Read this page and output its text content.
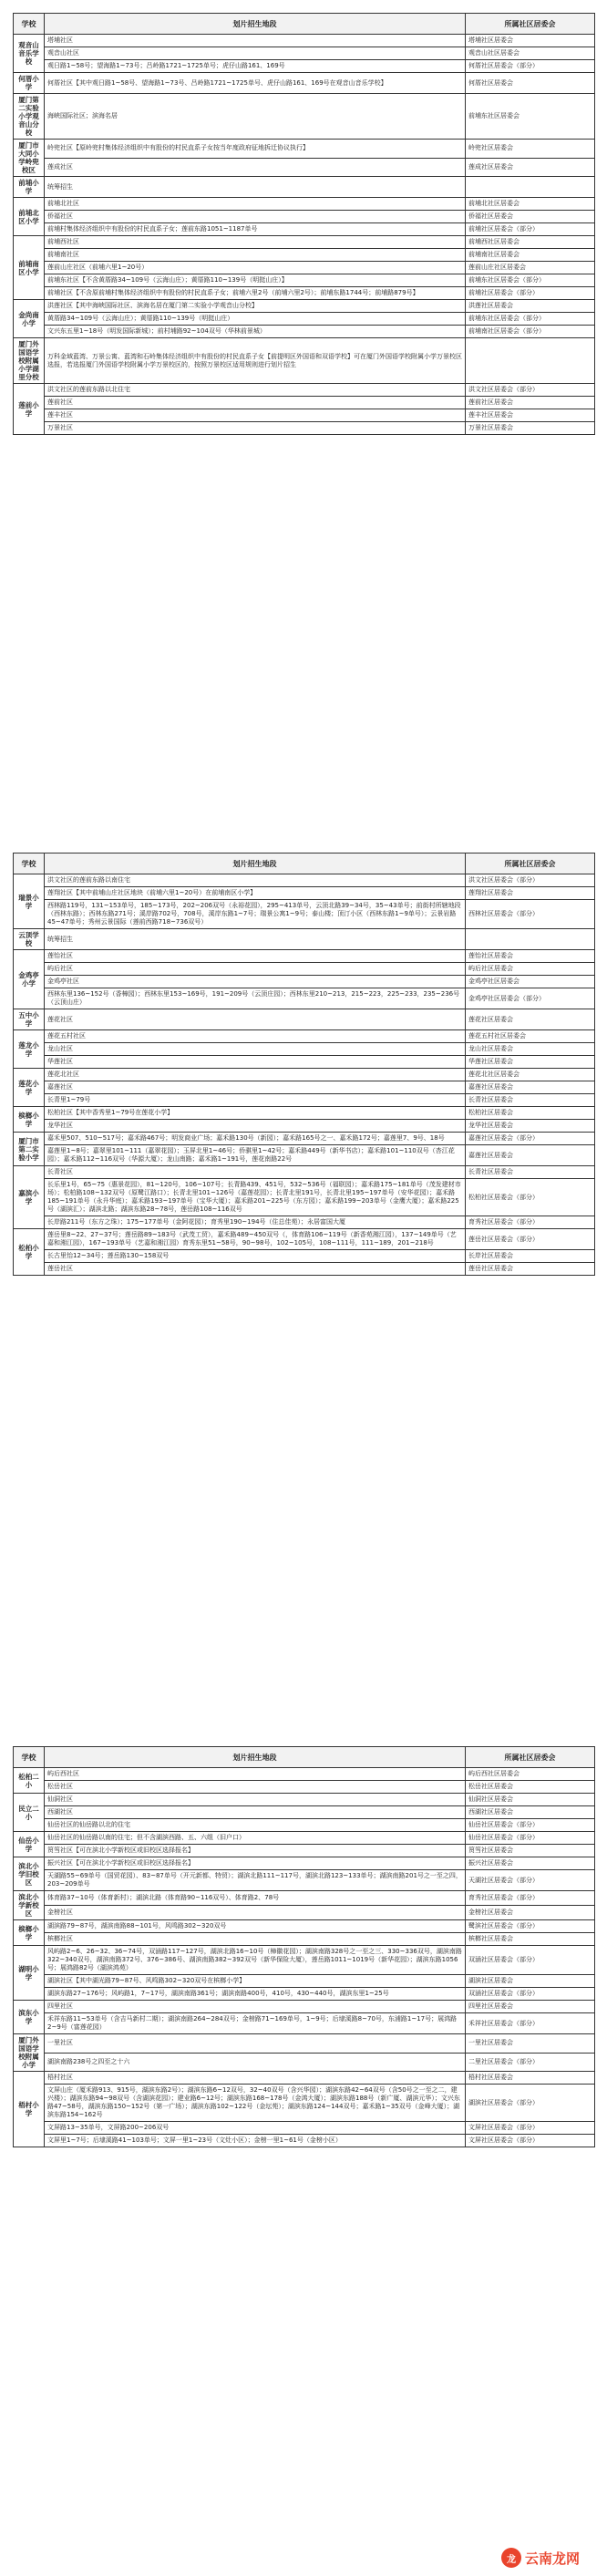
学校	划片招生地段	所属社区居委会
观音山音乐学校	塔埔社区	塔埔社区居委会
	观音山社区	观音山社区居委会
	观日路1~58号；望海路1~73号；吕岭路1721~1725单号；虎仔山路161、169号	何厝社区居委会（部分）
何厝小学	何厝社区【其中观日路1~58号、望海路1~73号、吕岭路1721~1725单号、虎仔山路161、169号在观音山音乐学校】	何厝社区居委会
厦门第二实验小学观音山分校	海峡国际社区；滨海名居	前埔东社区居委会
厦门市大同小学岭兜校区	岭兜社区【原岭兜村集体经济组织中有股份的村民直系子女按当年度政府征地拆迁协议执行】	岭兜社区居委会
	莲成社区	莲成社区居委会
前埔小学	统筹招生	
前埔北区小学	前埔北社区	前埔北社区居委会
	侨福社区	侨福社区居委会
	前埔村集体经济组织中有股份的村民直系子女；莲前东路1051~1187单号	前埔社区居委会（部分）
前埔南区小学	前埔西社区	前埔西社区居委会
	前埔南社区	前埔南社区居委会
	莲前山庄社区（前埔六里1~20号）	莲前山庄社区居委会
	前埔东社区【不含黄厝路34~109号（云海山庄）；黄厝路110~139号（明挺山庄）】	前埔东社区居委会（部分）
	前埔社区【不含原前埔村集体经济组织中有股份的村民直系子女；前埔六里2号（前埔六里2号）；前埔东路1744号；前埔路879号】	前埔社区居委会（部分）
金尚南小学	洪莲社区【其中海峡国际社区、滨海名居在厦门第二实验小学观音山分校】	洪莲社区居委会
	黄厝路34~109号（云海山庄）；黄厝路110~139号（明挺山庄）	前埔东社区居委会（部分）
	文兴东五里1~18号（明发国际新城）；前村埔路92~104双号（华林前景城）	前埔南社区居委会（部分）
厦门外国语学校附属小学湖里分校	万科金域蓝湾、万景公寓、蓝湾和石岭集体经济组织中有股份的村民直系子女【前提明区外国语和双语学校】可在厦门外国语学校附属小学万景校区选报，若选报厦门外国语学校附属小学万景校区的，按照万景校区适用规则进行划片招生	
莲前小学	洪文社区的莲前东路以北住宅	洪文社区居委会（部分）
	莲前社区	莲前社区居委会
	莲丰社区	莲丰社区居委会
	万景社区	万景社区居委会
学校	划片招生地段	所属社区居委会
瑞景小学	洪文社区的莲前东路以南住宅	洪文社区居委会（部分）
	莲翔社区【其中前埔山庄社区地块（前埔六里1~20号）在前埔南区小学】	莲翔社区居委会
	西林路119号，131~153单号，185~173号，202~206双号（永裕花园），295~413单号，云顶北路39~34号，35~43单号；前街村所辖地段（西林东路）；西林东路271号；溪岸路702号，708号，溪岸东路1~7号；瑞景公寓1~9号；泰山楼；顶汀小区（西林东路1~9单号）；云景岩路45~47单号；秀州云景国际（莲前西路718~736双号）	西林社区居委会（部分）
云顶学校	统筹招生	
金鸡亭小学	莲怡社区	莲怡社区居委会
	屿后社区	屿后社区居委会
	金鸡亭社区	金鸡亭社区居委会
	西林东里136~152号（香樟园）；西林东里153~169号，191~209号（云顶庄园）；西林东里210~213，215~223，225~233，235~236号（云顶山庄）	金鸡亭社区居委会（部分）
五中小学	莲花社区	莲花社区居委会
莲龙小学	莲花五村社区	莲花五村社区居委会
	龙山社区	龙山社区居委会
	华莲社区	华莲社区居委会
莲花小学	莲花北社区	莲花北社区居委会
	嘉莲社区	嘉莲社区居委会
	长青里1~79号	长青社区居委会
槟榔小学	松柏社区【其中香秀里1~79号在莲花小学】	松柏社区居委会
	龙华社区	龙华社区居委会
厦门市第二实验小学	嘉禾里507、510~517号；嘉禾路467号；明发商业广场；嘉禾路130号（新园）；嘉禾路165号之一、嘉禾路172号；嘉莲里7、9号、18号	嘉莲社区居委会（部分）
	嘉莲里1~8号；嘉翠里101~111（嘉翠花园）；玉屏北里1~46号；侨骐里1~42号；嘉禾路449号（新华书店）；嘉禾路101~110双号（杏江花园）；嘉禾路112~116双号（华源大厦）；龙山南路；嘉禾路1~191号，莲花南路22号	嘉莲社区居委会
嘉滨小学	长青社区	长青社区居委会
	长乐里1号，65~75（惠景花园），81~120号，106~107号；长青路439、451号，532~536号（福联园）；嘉禾路175~181单号（茂发建材市场）；松柏路108~132双号（原鹭江路口）；长青北里101~126号（嘉莲花园）；长青北里191号，长青北里195~197单号（安华花园）；嘉禾路185~191单号（永升华庭）；嘉禾路193~197单号（宝华大厦）；嘉禾路201~225号（东方园）；嘉禾路199~203单号（金鹰大厦）；嘉禾路225号（湖滨汇）；湖滨北路；湖滨东路28~78号，莲岳路108~116双号	松柏社区居委会（部分）
	长岸路211号（东方之珠）；175~177单号（金阿花园）；育秀里190~194号（住总佳苑）；永居富国大厦	育秀社区居委会（部分）
松柏小学	莲岳里8~22、27~37号；莲岳路89~183号（武茂工贸），嘉禾路489~450双号（，体育路106~119号（新香苑湘江园），137~149单号（艺嘉和湘江园），167~193单号（艺嘉和湘江园）育秀东里51~58号，90~98号，102~105号，108~111号，111~189，201~218号	莲岳社区居委会（部分）
	长古里怡12~34号；莲岳路130~158双号	长岸社区居委会
	莲岳社区	莲岳社区居委会
学校	划片招生地段	所属社区居委会
松柏二小	屿后西社区	屿后西社区居委会
	松岳社区	松岳社区居委会
民立二小	仙洞社区	仙洞社区居委会
	西湖社区	西湖社区居委会
	仙岳社区的仙岳路以北的住宅	仙岳社区居委会（部分）
仙岳小学	仙岳社区的仙岳路以南的住宅；但不含湖滨西路、五、六组（旧户口）	仙岳社区居委会（部分）
	筼筜社区【可在滨北小学新校区或旧校区选择报名】	筼筜社区居委会
滨北小学旧校区	振兴社区【可在滨北小学新校区或旧校区选择报名】	振兴社区居委会
	天湖路55~69单号（国贸花园）、83~87单号（开元新都、特贸）；湖滨北路111~117号，湖滨北路123~133单号；湖滨南路201号之一至之四，203~209单号	天湖社区居委会（部分）
滨北小学新校区	体育路37~10号（体育新村）；湖滨北路（体育路90~116双号）、体育路2、78号	育秀社区居委会（部分）
	金榜社区	金榜社区居委会
槟榔小学	湖滨路79~87号，湖滨南路88~101号，风鸣路302~320双号	鹭滨社区居委会（部分）
	槟榔社区	槟榔社区居委会
湖明小学	风屿路2~6、26~32、36~74号，双涵路117~127号，湖滨北路16~10号（樟徽花园）；湖滨南路328号之一至之三、330~336双号，湖滨南路322~340双号，湖滨南路372号、376~386号、湖滨南路382~392双号（新华保险大厦），莲岳路1011~1019号（新华花园）；湖滨东路1056号；展鸿路82号（湖滨鸿苑）	双涵社区居委会（部分）
	湖滨社区【其中湖光路79~87号、风鸣路302~320双号在槟榔小学】	湖滨社区居委会
	湖滨东路27~176号；风屿路1，7~17号，湖滨南路361号；湖滨南路400号，410号，430~440号，湖滨东里1~25号	双涵社区居委会（部分）
滨东小学	四里社区	四里社区居委会
	禾祥东路11~53单号（含吉马新村二期）；湖滨南路264~284双号；金榜路71~169单号，1~9号；后埭溪路8~70号，东浦路1~17号；展鸿路2~9号（富莲花园）	禾祥社区居委会（部分）
厦门外国语学校附属小学	一里社区	一里社区居委会
	湖滨南路238号之四至之十六	二里社区居委会（部分）
梧村小学	梧村社区	梧村社区居委会
	文屏山庄（厦禾路913、915号，湖滨东路2号）；湖滨东路6~12双号，32~40双号（含兴华园）；湖滨东路42~64双号（含50号之一至之二，建兴楼）；湖滨东路94~98双号（含湖滨花园）；建业路6~12号；湖滨东路168~178号（金鸿大厦）；湖滨东路188号（新广厦、湖滨元华）；文兴东路47~58号，湖滨东路150~152号（第一广场）；湖滨东路102~122号（金坛苑）；湖滨东路124~144双号；嘉禾路1~35双号（金峰大厦）；湖滨东路154~162号	湖滨社区居委会（部分）
	文屏路13~35单号，文屏路200~206双号	文屏社区居委会（部分）
	文屏里1~7号；后埭溪路41~103单号；文屏一里1~23号（文灶小区）；金榜一里1~61号（金榜小区）	文屏社区居委会（部分）
龙 云南龙网
